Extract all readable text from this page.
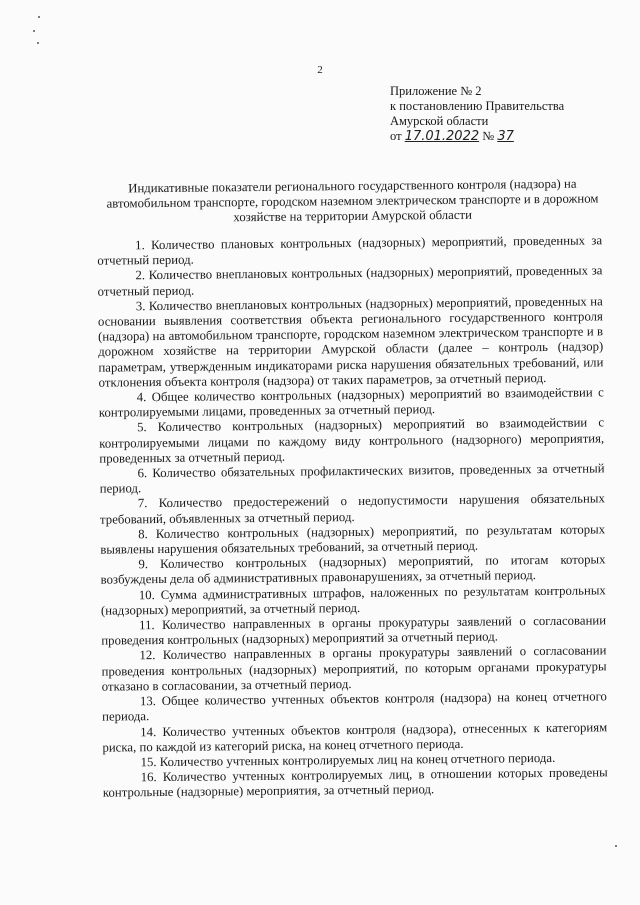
2
Приложение № 2
к постановлению Правительства
Амурской области
от 17.01.2022 № 37
Индикативные показатели регионального государственного контроля (надзора) на автомобильном транспорте, городском наземном электрическом транспорте и в дорожном хозяйстве на территории Амурской области

1. Количество плановых контрольных (надзорных) мероприятий, проведенных за отчетный период.

2. Количество внеплановых контрольных (надзорных) мероприятий, проведенных за отчетный период.

3. Количество внеплановых контрольных (надзорных) мероприятий, проведенных на основании выявления соответствия объекта регионального государственного контроля (надзора) на автомобильном транспорте, городском наземном электрическом транспорте и в дорожном хозяйстве на территории Амурской области (далее – контроль (надзор) параметрам, утвержденным индикаторами риска нарушения обязательных требований, или отклонения объекта контроля (надзора) от таких параметров, за отчетный период.

4. Общее количество контрольных (надзорных) мероприятий во взаимодействии с контролируемыми лицами, проведенных за отчетный период.

5. Количество контрольных (надзорных) мероприятий во взаимодействии с контролируемыми лицами по каждому виду контрольного (надзорного) мероприятия, проведенных за отчетный период.

6. Количество обязательных профилактических визитов, проведенных за отчетный период.

7. Количество предостережений о недопустимости нарушения обязательных требований, объявленных за отчетный период.

8. Количество контрольных (надзорных) мероприятий, по результатам которых выявлены нарушения обязательных требований, за отчетный период.

9. Количество контрольных (надзорных) мероприятий, по итогам которых возбуждены дела об административных правонарушениях, за отчетный период.

10. Сумма административных штрафов, наложенных по результатам контрольных (надзорных) мероприятий, за отчетный период.

11. Количество направленных в органы прокуратуры заявлений о согласовании проведения контрольных (надзорных) мероприятий за отчетный период.

12. Количество направленных в органы прокуратуры заявлений о согласовании проведения контрольных (надзорных) мероприятий, по которым органами прокуратуры отказано в согласовании, за отчетный период.

13. Общее количество учтенных объектов контроля (надзора) на конец отчетного периода.

14. Количество учтенных объектов контроля (надзора), отнесенных к категориям риска, по каждой из категорий риска, на конец отчетного периода.

15. Количество учтенных контролируемых лиц на конец отчетного периода.

16. Количество учтенных контролируемых лиц, в отношении которых проведены контрольные (надзорные) мероприятия, за отчетный период.
